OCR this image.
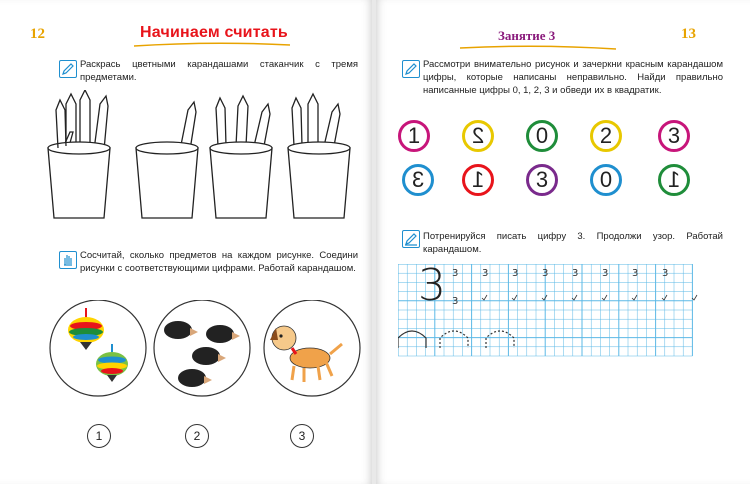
12	Начинаем считать
Раскрась цветными карандашами стаканчик с тремя предметами.
Сосчитай, сколько предметов на каждом рисунке. Соедини рисунки с соответствующими цифрами. Работай карандашом.
1	2	3
Занятие 3	13
Рассмотри внимательно рисунок и зачеркни красным карандашом цифры, которые написаны неправильно. Найди правильно написанные цифры 0, 1, 2, 3 и обведи их в квадратик.
1	2	0	2	3
3	1	3	0	1
Потренируйся писать цифру 3. Продолжи узор. Работай карандашом.
3 3 3 3 3 3 3 3
3
3
